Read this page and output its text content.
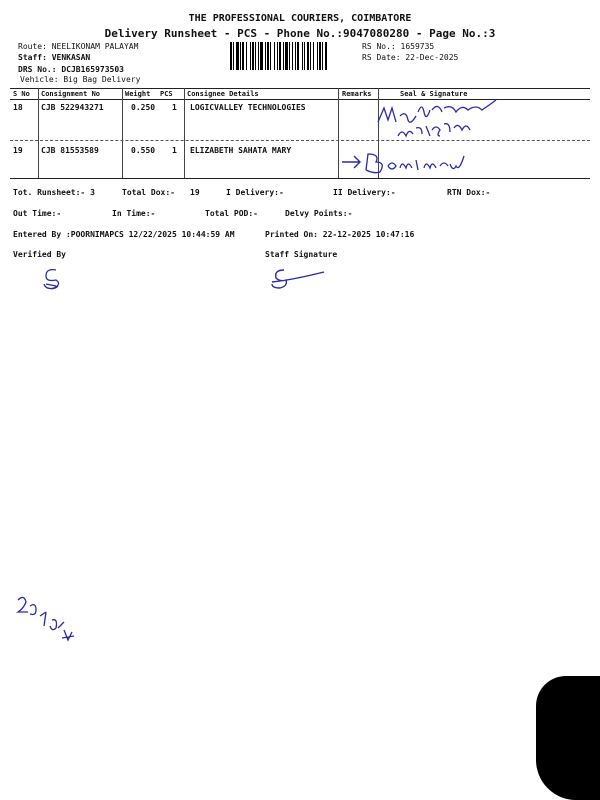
THE PROFESSIONAL COURIERS, COIMBATORE
Delivery Runsheet - PCS - Phone No.:9047080280 - Page No.:3
Route: NEELIKONAM PALAYAM
Staff: VENKASAN
DRS No.: DCJB165973503
Vehicle: Big Bag Delivery
RS No.: 1659735
RS Date: 22-Dec-2025
S No Consignment No	Weight PCS Consignee Details	Remarks	Seal & Signature
18 CJB 522943271	0.250 1 LOGICVALLEY TECHNOLOGIES
19 CJB 81553589	0.550 1 ELIZABETH SAHATA MARY
Tot. Runsheet:- 3	Total Dox:- 19	I Delivery:-	II Delivery:-	RTN Dox:-
Out Time:-	In Time:-	Total POD:-	Delvy Points:-
Entered By :POORNIMAPCS 12/22/2025 10:44:59 AM	Printed On: 22-12-2025 10:47:16
Verified By	Staff Signature
